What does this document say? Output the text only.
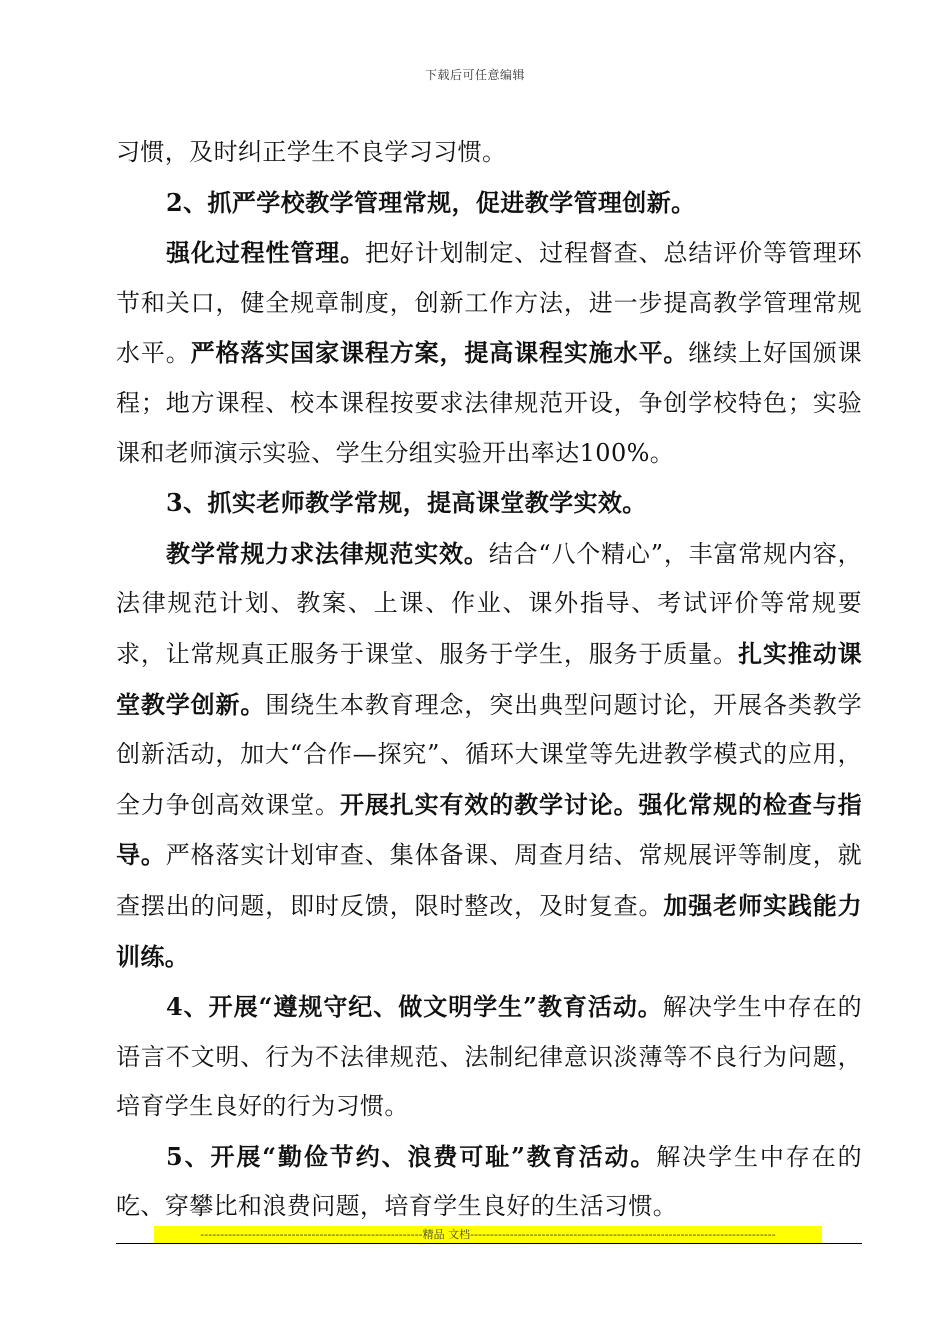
下载后可任意编辑

习惯，及时纠正学生不良学习习惯。

2、抓严学校教学管理常规，促进教学管理创新。

强化过程性管理。把好计划制定、过程督查、总结评价等管理环节和关口，健全规章制度，创新工作方法，进一步提高教学管理常规水平。严格落实国家课程方案，提高课程实施水平。继续上好国颁课程；地方课程、校本课程按要求法律规范开设，争创学校特色；实验课和老师演示实验、学生分组实验开出率达100%。

3、抓实老师教学常规，提高课堂教学实效。

教学常规力求法律规范实效。结合“八个精心”，丰富常规内容，法律规范计划、教案、上课、作业、课外指导、考试评价等常规要求，让常规真正服务于课堂、服务于学生，服务于质量。扎实推动课堂教学创新。围绕生本教育理念，突出典型问题讨论，开展各类教学创新活动，加大“合作—探究”、循环大课堂等先进教学模式的应用，全力争创高效课堂。开展扎实有效的教学讨论。强化常规的检查与指导。严格落实计划审查、集体备课、周查月结、常规展评等制度，就查摆出的问题，即时反馈，限时整改，及时复查。加强老师实践能力训练。

4、开展“遵规守纪、做文明学生”教育活动。解决学生中存在的语言不文明、行为不法律规范、法制纪律意识淡薄等不良行为问题，培育学生良好的行为习惯。

5、开展“勤俭节约、浪费可耻”教育活动。解决学生中存在的吃、穿攀比和浪费问题，培育学生良好的生活习惯。

--------------------------------------------------------精品 文档-----------------------------------------------------------------------------
